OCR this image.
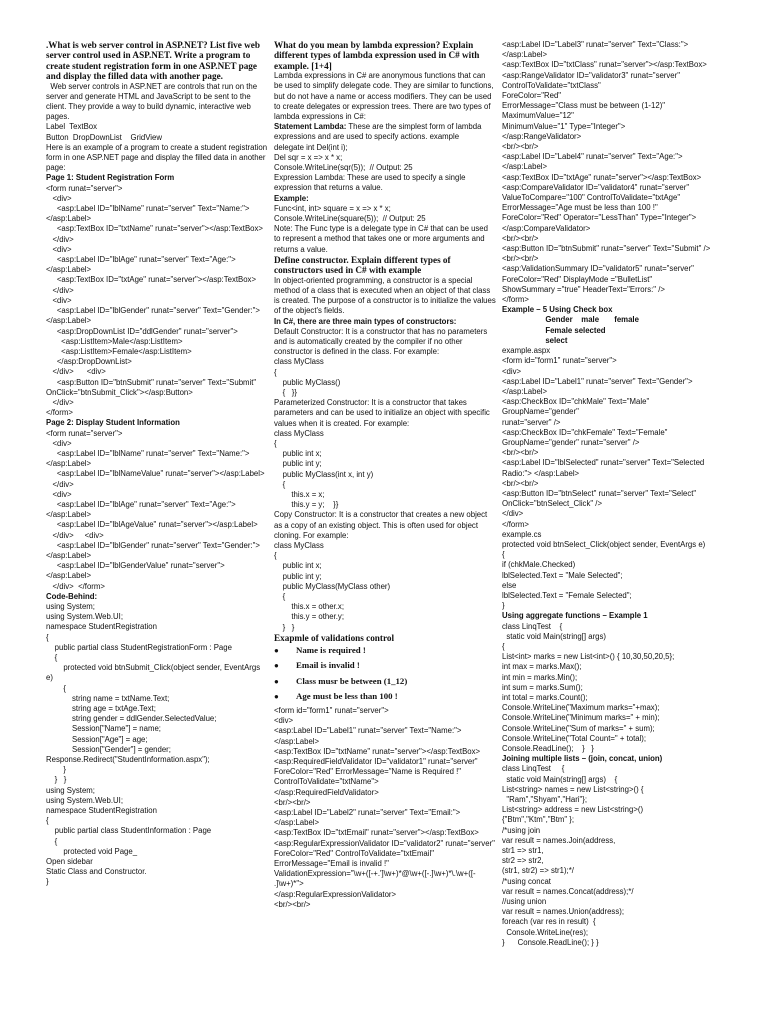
.What is web server control in ASP.NET? List five web server control used in ASP.NET. Write a program to create student registration form in one ASP.NET page and display the filled data with another page.
Web server controls in ASP.NET are controls that run on the server and generate HTML and JavaScript to be sent to the client. They provide a way to build dynamic, interactive web pages.
Label  TextBox
Button  DropDownList    GridView
Here is an example of a program to create a student registration form in one ASP.NET page and display the filled data in another page:
Page 1: Student Registration Form
<form runat="server">
<div>
<asp:Label ID="lblName" runat="server" Text="Name:"></asp:Label>
<asp:TextBox ID="txtName" runat="server"></asp:TextBox>
</div>
<div>
<asp:Label ID="lblAge" runat="server" Text="Age:"></asp:Label>
<asp:TextBox ID="txtAge" runat="server"></asp:TextBox>
</div>
<div>
<asp:Label ID="lblGender" runat="server" Text="Gender:"></asp:Label>
<asp:DropDownList ID="ddlGender" runat="server">
<asp:ListItem>Male</asp:ListItem>
<asp:ListItem>Female</asp:ListItem>
</asp:DropDownList>
</div>      <div>
<asp:Button ID="btnSubmit" runat="server" Text="Submit" OnClick="btnSubmit_Click"></asp:Button>
</div>
</form>
Page 2: Display Student Information
<form runat="server">
<div>
<asp:Label ID="lblName" runat="server" Text="Name:"></asp:Label>
<asp:Label ID="lblNameValue" runat="server"></asp:Label>
</div>
<div>
<asp:Label ID="lblAge" runat="server" Text="Age:"></asp:Label>
<asp:Label ID="lblAgeValue" runat="server"></asp:Label>
</div>     <div>
<asp:Label ID="lblGender" runat="server" Text="Gender:"></asp:Label>
<asp:Label ID="lblGenderValue" runat="server"></asp:Label>
</div>  </form>
Code-Behind:
using System;
using System.Web.UI;
namespace StudentRegistration
{
public partial class StudentRegistrationForm : Page
{
protected void btnSubmit_Click(object sender, EventArgs e)
{
string name = txtName.Text;
string age = txtAge.Text;
string gender = ddlGender.SelectedValue;
Session["Name"] = name;
Session["Age"] = age;
Session["Gender"] = gender;
Response.Redirect("StudentInformation.aspx");
}
}   }
using System;
using System.Web.UI;
namespace StudentRegistration
{
public partial class StudentInformation : Page
{
protected void Page_
Open sidebar
Static Class and Constructor.
}
What do you mean by lambda expression? Explain different types of lambda expression used in C# with example. [1+4]
Lambda expressions in C# are anonymous functions that can be used to simplify delegate code. They are similar to functions, but do not have a name or access modifiers. They can be used to create delegates or expression trees. There are two types of lambda expressions in C#:
Statement Lambda: These are the simplest form of lambda expressions and are used to specify actions. example
delegate int Del(int i);
Del sqr = x => x * x;
Console.WriteLine(sqr(5));  // Output: 25
Expression Lambda: These are used to specify a single expression that returns a value.
Example:
Func<int, int> square = x => x * x;
Console.WriteLine(square(5));  // Output: 25
Note: The Func type is a delegate type in C# that can be used to represent a method that takes one or more arguments and returns a value.
Define constructor. Explain different types of constructors used in C# with example
In object-oriented programming, a constructor is a special method of a class that is executed when an object of that class is created. The purpose of a constructor is to initialize the values of the object's fields.
In C#, there are three main types of constructors:
Default Constructor: It is a constructor that has no parameters and is automatically created by the compiler if no other constructor is defined in the class. For example:
class MyClass
{
public MyClass()
{   }}
Parameterized Constructor: It is a constructor that takes parameters and can be used to initialize an object with specific values when it is created. For example:
class MyClass
{
public int x;
public int y;
public MyClass(int x, int y)
{
this.x = x;
this.y = y;    }}
Copy Constructor: It is a constructor that creates a new object as a copy of an existing object. This is often used for object cloning. For example:
class MyClass
{
public int x;
public int y;
public MyClass(MyClass other)
{
this.x = other.x;
this.y = other.y;
}   }
Exapmle of validations control
●	Name is required !
●	Email is invalid !
●	Class musr be between (1_12)
●	Age must be less than 100 !
<form id="form1" runat="server">
<div>
<asp:Label ID="Label1" runat="server" Text="Name:"></asp:Label>
<asp:TextBox ID="txtName" runat="server"></asp:TextBox>
<asp:RequiredFieldValidator ID="validator1" runat="server"
ForeColor="Red" ErrorMessage="Name is Required !" ControlToValidate="txtName">
</asp:RequiredFieldValidator>
<br/><br/>
<asp:Label ID="Label2" runat="server" Text="Email:"></asp:Label>
<asp:TextBox ID="txtEmail" runat="server"></asp:TextBox>
<asp:RegularExpressionValidator ID="validator2" runat="server"
ForeColor="Red" ControlToValidate="txtEmail"
ErrorMessage="Email is invalid !"
ValidationExpression="\w+([-+.']\w+)*@\w+([-.]\w+)*\.\w+([-
.]\w+)*">
</asp:RegularExpressionValidator>
<br/><br/>
<asp:Label ID="Label3" runat="server" Text="Class:"></asp:Label>
<asp:TextBox ID="txtClass" runat="server"></asp:TextBox>
<asp:RangeValidator ID="validator3" runat="server" ControlToValidate="txtClass"
ForeColor="Red"
ErrorMessage="Class must be between (1-12)"
MaximumValue="12"
MinimumValue="1" Type="Integer">
</asp:RangeValidator>
<br/><br/>
<asp:Label ID="Label4" runat="server" Text="Age:"></asp:Label>
<asp:TextBox ID="txtAge" runat="server"></asp:TextBox>
<asp:CompareValidator ID="validator4" runat="server" ValueToCompare="100" ControlToValidate="txtAge"
ErrorMessage="Age must be less than 100 !"
ForeColor="Red" Operator="LessThan" Type="Integer">
</asp:CompareValidator>
<br/><br/>
<asp:Button ID="btnSubmit" runat="server" Text="Submit" />
<br/><br/>
<asp:ValidationSummary ID="validator5" runat="server"
ForeColor="Red" DisplayMode ="BulletList"
ShowSummary ="true" HeaderText="Errors:" />
</form>
Example – 5 Using Check box
Gender    male       female
Female selected
select
example.aspx
<form id="form1" runat="server">
<div>
<asp:Label ID="Label1" runat="server" Text="Gender"></asp:Label>
<asp:CheckBox ID="chkMale" Text="Male" GroupName="gender"
runat="server" />
<asp:CheckBox ID="chkFemale" Text="Female" GroupName="gender" runat="server" />
<br/><br/>
<asp:Label ID="lblSelected" runat="server" Text="Selected Radio:"> </asp:Label>
<br/><br/>
<asp:Button ID="btnSelect" runat="server" Text="Select" OnClick="btnSelect_Click" />
</div>
</form>
example.cs
protected void btnSelect_Click(object sender, EventArgs e)
{
if (chkMale.Checked)
lblSelected.Text = "Male Selected";
else
lblSelected.Text = "Female Selected";
}
Using aggregate functions – Example 1
class LinqTest    {
static void Main(string[] args)
{
List<int> marks = new List<int>() { 10,30,50,20,5};
int max = marks.Max();
int min = marks.Min();
int sum = marks.Sum();
int total = marks.Count();
Console.WriteLine("Maximum marks="+max);
Console.WriteLine("Minimum marks=" + min);
Console.WriteLine("Sum of marks=" + sum);
Console.WriteLine("Total Count=" + total);
Console.ReadLine();    }   }
Joining multiple lists – (join, concat, union)
class LinqTest     {
static void Main(string[] args)    {
List<string> names = new List<string>() {
"Ram","Shyam","Hari"};
List<string> address = new List<string>()
{"Btm","Ktm","Btm" };
/*using join
var result = names.Join(address,
str1 => str1,
str2 => str2,
(str1, str2) => str1);*/
/*using concat
var result = names.Concat(address);*/
//using union
var result = names.Union(address);
foreach (var res in result)  {
Console.WriteLine(res);
}      Console.ReadLine(); } }
